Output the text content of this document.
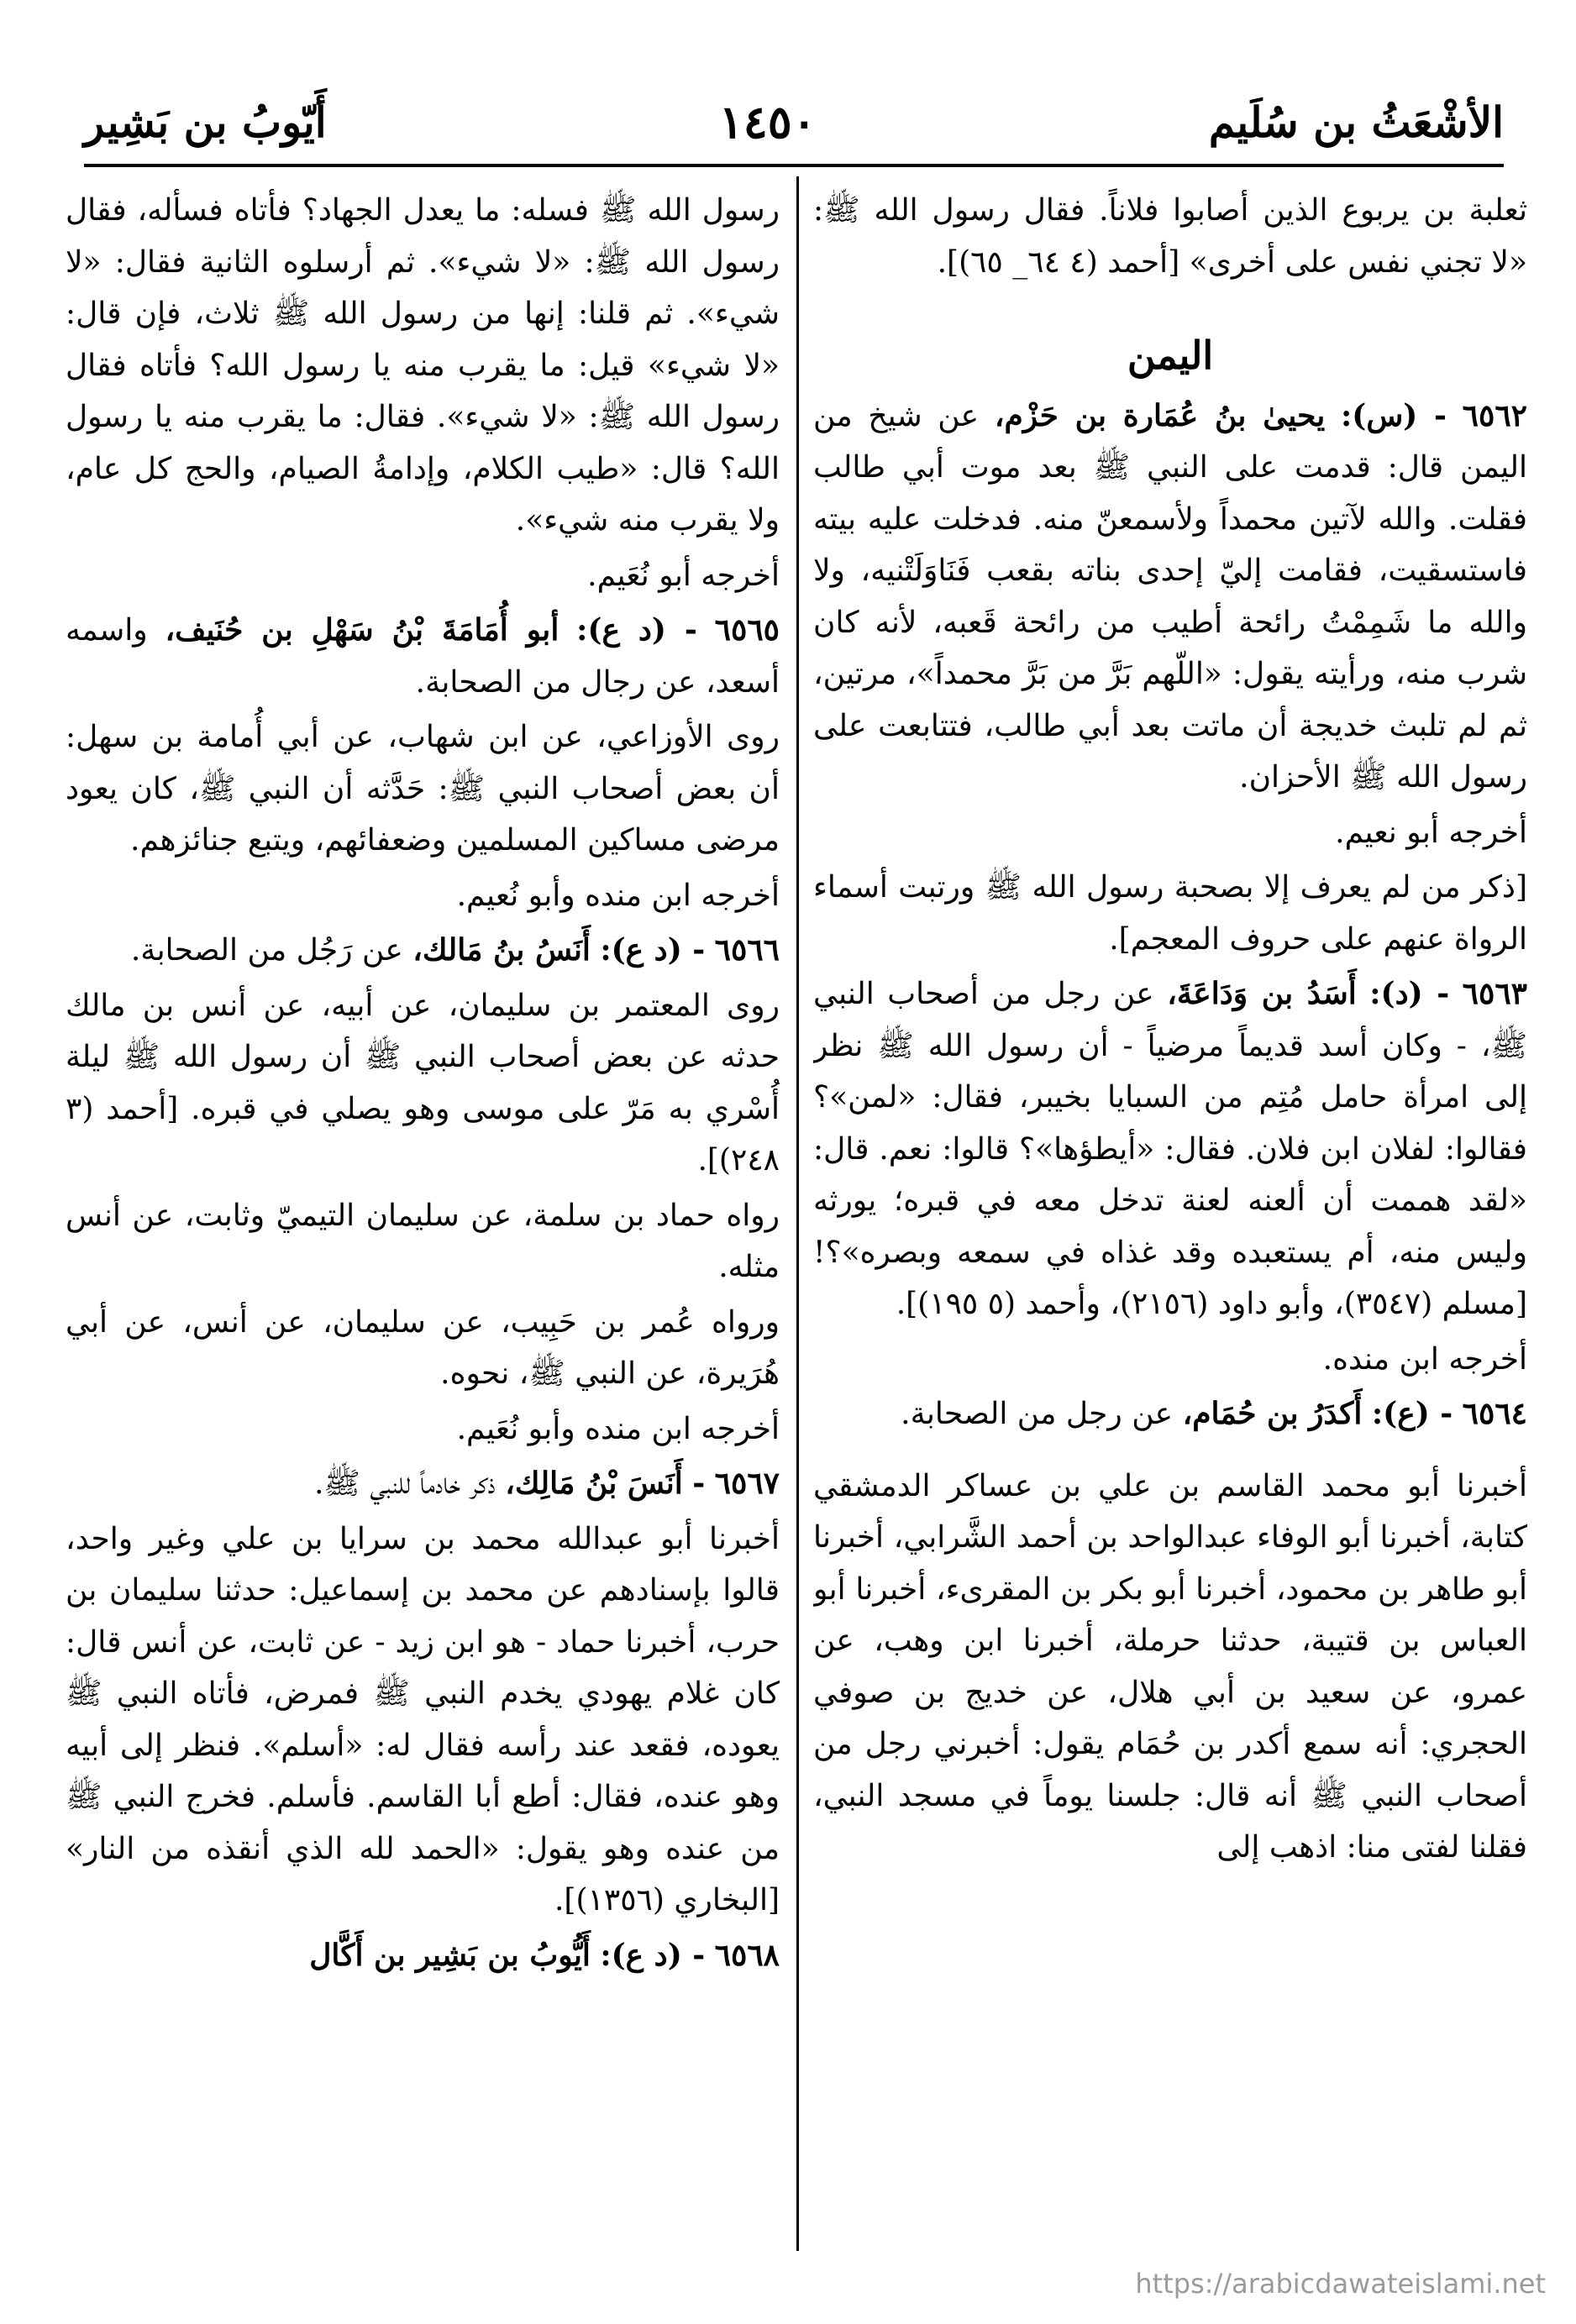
الأشْعَثُ بن سُلَيم
١٤٥٠
أَيّوبُ بن بَشِير

ثعلبة بن يربوع الذين أصابوا فلاناً. فقال رسول الله ﷺ: «لا تجني نفس على أخرى» [أحمد (٤ ٦٤_ ٦٥)].

اليمن

٦٥٦٢ - (س): يحيىٰ بنُ عُمَارة بن حَزْم، عن شيخ من اليمن قال: قدمت على النبي ﷺ بعد موت أبي طالب فقلت. والله لآتين محمداً ولأسمعنّ منه. فدخلت عليه بيته فاستسقيت، فقامت إليّ إحدى بناته بقعب فَنَاوَلَتْنيه، ولا والله ما شَمِمْتُ رائحة أطيب من رائحة قَعبه، لأنه كان شرب منه، ورأيته يقول: «اللّهم بَرَّ من بَرَّ محمداً»، مرتين، ثم لم تلبث خديجة أن ماتت بعد أبي طالب، فتتابعت على رسول الله ﷺ الأحزان.

أخرجه أبو نعيم.

[ذكر من لم يعرف إلا بصحبة رسول الله ﷺ ورتبت أسماء الرواة عنهم على حروف المعجم].

٦٥٦٣ - (د): أَسَدُ بن وَدَاعَةَ، عن رجل من أصحاب النبي ﷺ، - وكان أسد قديماً مرضياً - أن رسول الله ﷺ نظر إلى امرأة حامل مُتِم من السبايا بخيبر، فقال: «لمن»؟ فقالوا: لفلان ابن فلان. فقال: «أيطؤها»؟ قالوا: نعم. قال: «لقد هممت أن ألعنه لعنة تدخل معه في قبره؛ يورثه وليس منه، أم يستعبده وقد غذاه في سمعه وبصره»؟! [مسلم (٣٥٤٧)، وأبو داود (٢١٥٦)، وأحمد (٥ ١٩٥)].

أخرجه ابن منده.

٦٥٦٤ - (ع): أَكدَرُ بن حُمَام، عن رجل من الصحابة.

أخبرنا أبو محمد القاسم بن علي بن عساكر الدمشقي كتابة، أخبرنا أبو الوفاء عبدالواحد بن أحمد الشَّرابي، أخبرنا أبو طاهر بن محمود، أخبرنا أبو بكر بن المقرىء، أخبرنا أبو العباس بن قتيبة، حدثنا حرملة، أخبرنا ابن وهب، عن عمرو، عن سعيد بن أبي هلال، عن خديج بن صوفي الحجري: أنه سمع أكدر بن حُمَام يقول: أخبرني رجل من أصحاب النبي ﷺ أنه قال: جلسنا يوماً في مسجد النبي، فقلنا لفتى منا: اذهب إلى

رسول الله ﷺ فسله: ما يعدل الجهاد؟ فأتاه فسأله، فقال رسول الله ﷺ: «لا شيء». ثم أرسلوه الثانية فقال: «لا شيء». ثم قلنا: إنها من رسول الله ﷺ ثلاث، فإن قال: «لا شيء» قيل: ما يقرب منه يا رسول الله؟ فأتاه فقال رسول الله ﷺ: «لا شيء». فقال: ما يقرب منه يا رسول الله؟ قال: «طيب الكلام، وإدامةُ الصيام، والحج كل عام، ولا يقرب منه شيء».

أخرجه أبو نُعَيم.

٦٥٦٥ - (د ع): أبو أُمَامَةَ بْنُ سَهْلِ بن حُنَيف، واسمه أسعد، عن رجال من الصحابة.

روى الأوزاعي، عن ابن شهاب، عن أبي أُمامة بن سهل: أن بعض أصحاب النبي ﷺ: حَدَّثه أن النبي ﷺ، كان يعود مرضى مساكين المسلمين وضعفائهم، ويتبع جنائزهم.

أخرجه ابن منده وأبو نُعيم.

٦٥٦٦ - (د ع): أَنَسُ بنُ مَالك، عن رَجُل من الصحابة.

روى المعتمر بن سليمان، عن أبيه، عن أنس بن مالك حدثه عن بعض أصحاب النبي ﷺ أن رسول الله ﷺ ليلة أُسْري به مَرّ على موسى وهو يصلي في قبره. [أحمد (٣ ٢٤٨)].

رواه حماد بن سلمة، عن سليمان التيميّ وثابت، عن أنس مثله.

ورواه عُمر بن حَبِيب، عن سليمان، عن أنس، عن أبي هُرَيرة، عن النبي ﷺ، نحوه.

أخرجه ابن منده وأبو نُعَيم.

٦٥٦٧ - أَنَسَ بْنُ مَالِك، ذكر خادماً للنبي ﷺ.

أخبرنا أبو عبدالله محمد بن سرايا بن علي وغير واحد، قالوا بإسنادهم عن محمد بن إسماعيل: حدثنا سليمان بن حرب، أخبرنا حماد - هو ابن زيد - عن ثابت، عن أنس قال: كان غلام يهودي يخدم النبي ﷺ فمرض، فأتاه النبي ﷺ يعوده، فقعد عند رأسه فقال له: «أسلم». فنظر إلى أبيه وهو عنده، فقال: أطع أبا القاسم. فأسلم. فخرج النبي ﷺ من عنده وهو يقول: «الحمد لله الذي أنقذه من النار» [البخاري (١٣٥٦)].

٦٥٦٨ - (د ع): أَيُّوبُ بن بَشِير بن أَكَّال

https://arabicdawateislami.net
